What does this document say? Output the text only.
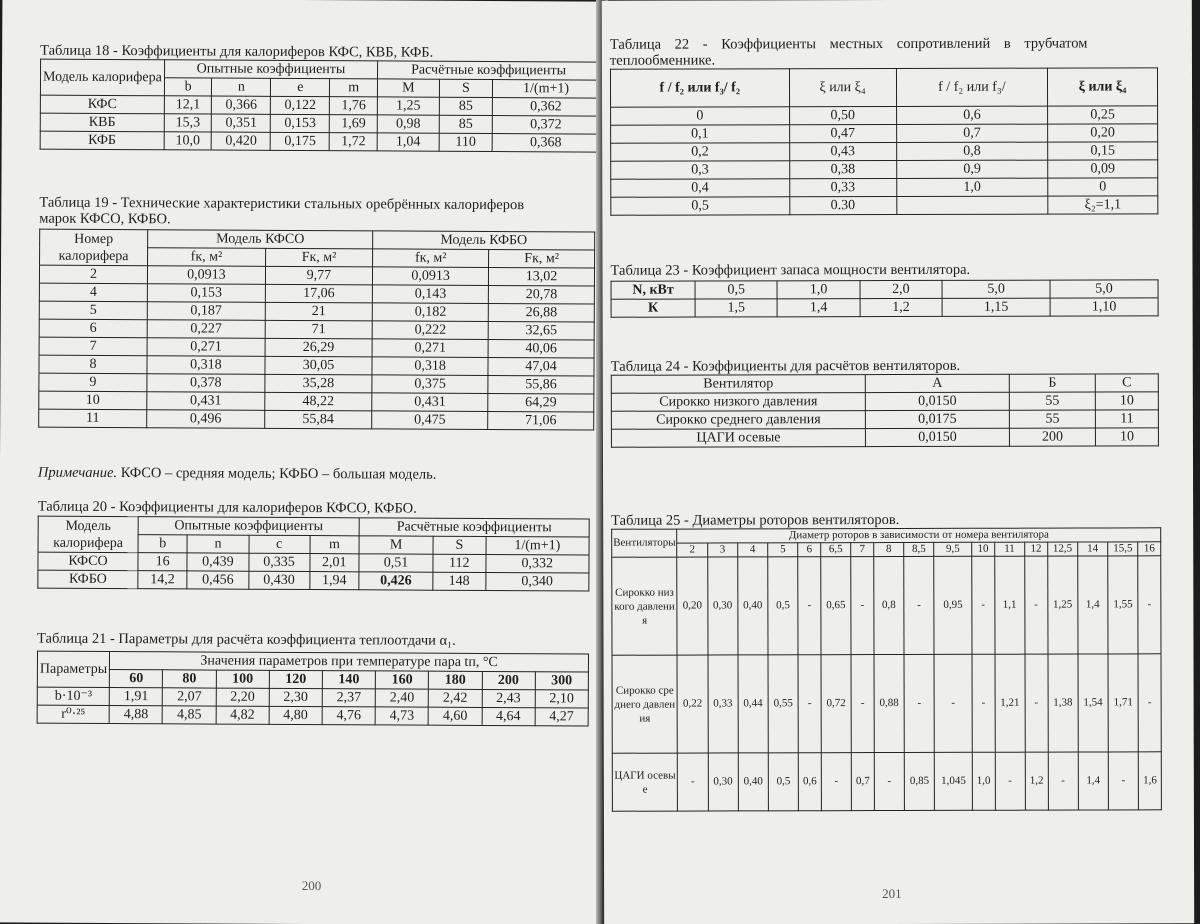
Таблица 18 - Коэффициенты для калориферов КФС, КВБ, КФБ.
Модель калорифера	Опытные коэффициенты				Расчётные коэффициенты		
	b	n	e	m	M	S	1/(m+1)
КФС	12,1	0,366	0,122	1,76	1,25	85	0,362
КВБ	15,3	0,351	0,153	1,69	0,98	85	0,372
КФБ	10,0	0,420	0,175	1,72	1,04	110	0,368
Таблица 19 - Технические характеристики стальных оребрённых калориферов
марок КФСО, КФБО.
Номер калорифера	Модель КФСО		Модель КФБО	
	fк, м²	Fк, м²	fк, м²	Fк, м²
2	0,0913	9,77	0,0913	13,02
4	0,153	17,06	0,143	20,78
5	0,187	21	0,182	26,88
6	0,227	71	0,222	32,65
7	0,271	26,29	0,271	40,06
8	0,318	30,05	0,318	47,04
9	0,378	35,28	0,375	55,86
10	0,431	48,22	0,431	64,29
11	0,496	55,84	0,475	71,06
Примечание. КФСО – средняя модель; КФБО – большая модель.
Таблица 20 - Коэффициенты для калориферов КФСО, КФБО.
Модель калорифера	Опытные коэффициенты				Расчётные коэффициенты		
	b	n	c	m	M	S	1/(m+1)
КФСО	16	0,439	0,335	2,01	0,51	112	0,332
КФБО	14,2	0,456	0,430	1,94	0,426	148	0,340
Таблица 21 - Параметры для расчёта коэффициента теплоотдачи α₁.
Параметры	Значения параметров при температуре пара tп, °С								
	60	80	100	120	140	160	180	200	300
b·10⁻³	1,91	2,07	2,20	2,30	2,37	2,40	2,42	2,43	2,10
r⁰·²⁵	4,88	4,85	4,82	4,80	4,76	4,73	4,60	4,64	4,27
200
Таблица 22 - Коэффициенты местных сопротивлений в трубчатом
теплообменнике.
f / f₂ или f₃/ f₂	ξ или ξ₄	f / f₂ или f₃/	ξ или ξ₄
0	0,50	0,6	0,25
0,1	0,47	0,7	0,20
0,2	0,43	0,8	0,15
0,3	0,38	0,9	0,09
0,4	0,33	1,0	0
0,5	0.30		ξ₂=1,1
Таблица 23 - Коэффициент запаса мощности вентилятора.
N, кВт	0,5	1,0	2,0	5,0	5,0
К	1,5	1,4	1,2	1,15	1,10
Таблица 24 - Коэффициенты для расчётов вентиляторов.
Вентилятор	А	Б	С
Сирокко низкого давления	0,0150	55	10
Сирокко среднего давления	0,0175	55	11
ЦАГИ осевые	0,0150	200	10
Таблица 25 - Диаметры роторов вентиляторов.
Вентиляторы	Диаметр роторов в зависимости от номера вентилятора																
	2	3	4	5	6	6,5	7	8	8,5	9,5	10	11	12	12,5	14	15,5	16
Сирокко низкого давления	0,20	0,30	0,40	0,5	-	0,65	-	0,8	-	0,95	-	1,1	-	1,25	1,4	1,55	-
Сирокко среднего давления	0,22	0,33	0,44	0,55	-	0,72	-	0,88	-	-	-	1,21	-	1,38	1,54	1,71	-
ЦАГИ осевые	-	0,30	0,40	0,5	0,6	-	0,7	-	0,85	1,045	1,0	-	1,2	-	1,4	-	1,6
201
